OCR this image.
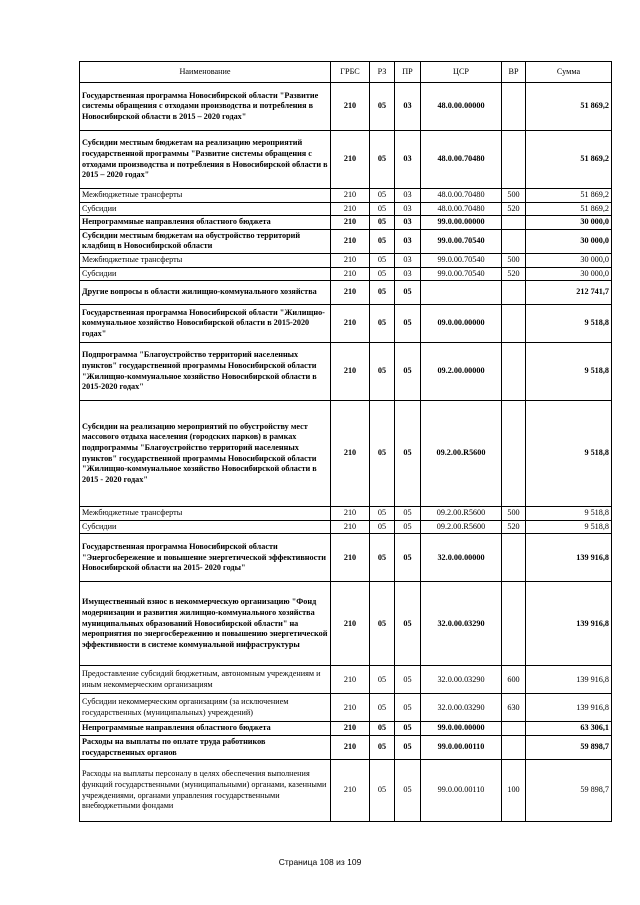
Наименование	ГРБС	РЗ	ПР	ЦСР	ВР	Сумма
Государственная программа Новосибирской области "Развитие системы обращения с отходами производства и потребления в Новосибирской области в 2015 – 2020 годах"	210	05	03	48.0.00.00000		51 869,2
Субсидии местным бюджетам на реализацию мероприятий государственной программы "Развитие системы обращения с отходами производства и потребления в Новосибирской области в 2015 – 2020 годах"	210	05	03	48.0.00.70480		51 869,2
Межбюджетные трансферты	210	05	03	48.0.00.70480	500	51 869,2
Субсидии	210	05	03	48.0.00.70480	520	51 869,2
Непрограммные направления областного бюджета	210	05	03	99.0.00.00000		30 000,0
Субсидии местным бюджетам на обустройство территорий кладбищ в Новосибирской области	210	05	03	99.0.00.70540		30 000,0
Межбюджетные трансферты	210	05	03	99.0.00.70540	500	30 000,0
Субсидии	210	05	03	99.0.00.70540	520	30 000,0
Другие вопросы в области жилищно-коммунального хозяйства	210	05	05			212 741,7
Государственная программа Новосибирской области "Жилищно-коммунальное хозяйство Новосибирской области в 2015-2020 годах"	210	05	05	09.0.00.00000		9 518,8
Подпрограмма "Благоустройство территорий населенных пунктов" государственной программы Новосибирской области "Жилищно-коммунальное хозяйство Новосибирской области в 2015-2020 годах"	210	05	05	09.2.00.00000		9 518,8
Субсидии на реализацию мероприятий по обустройству мест массового отдыха населения (городских парков) в рамках подпрограммы "Благоустройство территорий населенных пунктов" государственной программы Новосибирской области "Жилищно-коммунальное хозяйство Новосибирской области в 2015 - 2020 годах"	210	05	05	09.2.00.R5600		9 518,8
Межбюджетные трансферты	210	05	05	09.2.00.R5600	500	9 518,8
Субсидии	210	05	05	09.2.00.R5600	520	9 518,8
Государственная программа Новосибирской области "Энергосбережение и повышение энергетической эффективности Новосибирской области на 2015- 2020 годы"	210	05	05	32.0.00.00000		139 916,8
Имущественный взнос в некоммерческую организацию "Фонд модернизации и развития жилищно-коммунального хозяйства муниципальных образований Новосибирской области" на мероприятия по энергосбережению и повышению энергетической эффективности в системе коммунальной инфраструктуры	210	05	05	32.0.00.03290		139 916,8
Предоставление субсидий бюджетным, автономным учреждениям и иным некоммерческим организациям	210	05	05	32.0.00.03290	600	139 916,8
Субсидии некоммерческим организациям (за исключением государственных (муниципальных) учреждений)	210	05	05	32.0.00.03290	630	139 916,8
Непрограммные направления областного бюджета	210	05	05	99.0.00.00000		63 306,1
Расходы на выплаты по оплате труда работников государственных органов	210	05	05	99.0.00.00110		59 898,7
Расходы на выплаты персоналу в целях обеспечения выполнения функций государственными (муниципальными) органами, казенными учреждениями, органами управления государственными внебюджетными фондами	210	05	05	99.0.00.00110	100	59 898,7
Страница 108 из 109
